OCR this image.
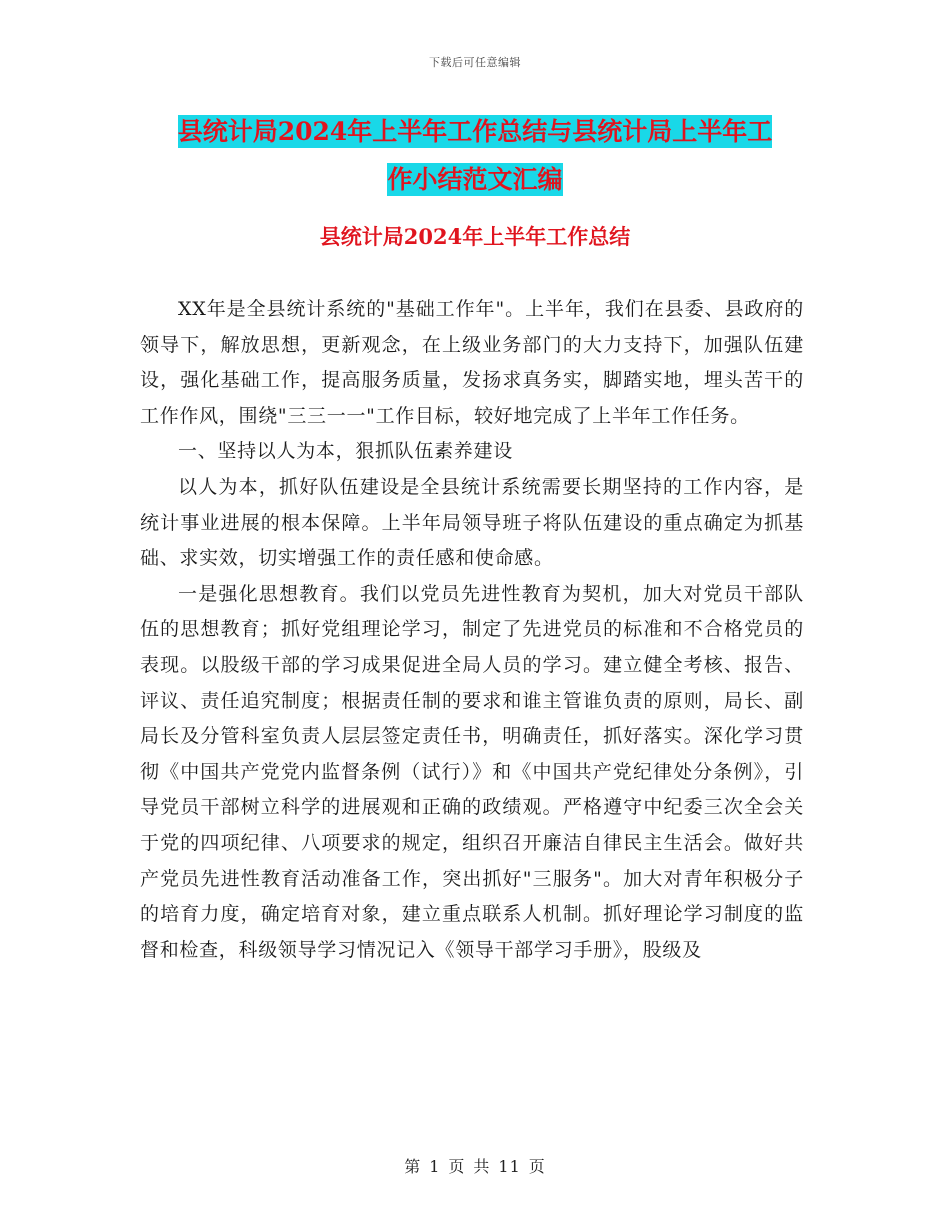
下载后可任意编辑
县统计局2024年上半年工作总结与县统计局上半年工
作小结范文汇编
县统计局2024年上半年工作总结

XX年是全县统计系统的"基础工作年"。上半年，我们在县委、县政府的领导下，解放思想，更新观念，在上级业务部门的大力支持下，加强队伍建设，强化基础工作，提高服务质量，发扬求真务实，脚踏实地，埋头苦干的工作作风，围绕"三三一一"工作目标，较好地完成了上半年工作任务。

一、坚持以人为本，狠抓队伍素养建设

以人为本，抓好队伍建设是全县统计系统需要长期坚持的工作内容，是统计事业进展的根本保障。上半年局领导班子将队伍建设的重点确定为抓基础、求实效，切实增强工作的责任感和使命感。

一是强化思想教育。我们以党员先进性教育为契机，加大对党员干部队伍的思想教育；抓好党组理论学习，制定了先进党员的标准和不合格党员的表现。以股级干部的学习成果促进全局人员的学习。建立健全考核、报告、评议、责任追究制度；根据责任制的要求和谁主管谁负责的原则，局长、副局长及分管科室负责人层层签定责任书，明确责任，抓好落实。深化学习贯彻《中国共产党党内监督条例（试行）》和《中国共产党纪律处分条例》，引导党员干部树立科学的进展观和正确的政绩观。严格遵守中纪委三次全会关于党的四项纪律、八项要求的规定，组织召开廉洁自律民主生活会。做好共产党员先进性教育活动准备工作，突出抓好"三服务"。加大对青年积极分子的培育力度，确定培育对象，建立重点联系人机制。抓好理论学习制度的监督和检查，科级领导学习情况记入《领导干部学习手册》，股级及

第 1 页 共 11 页
